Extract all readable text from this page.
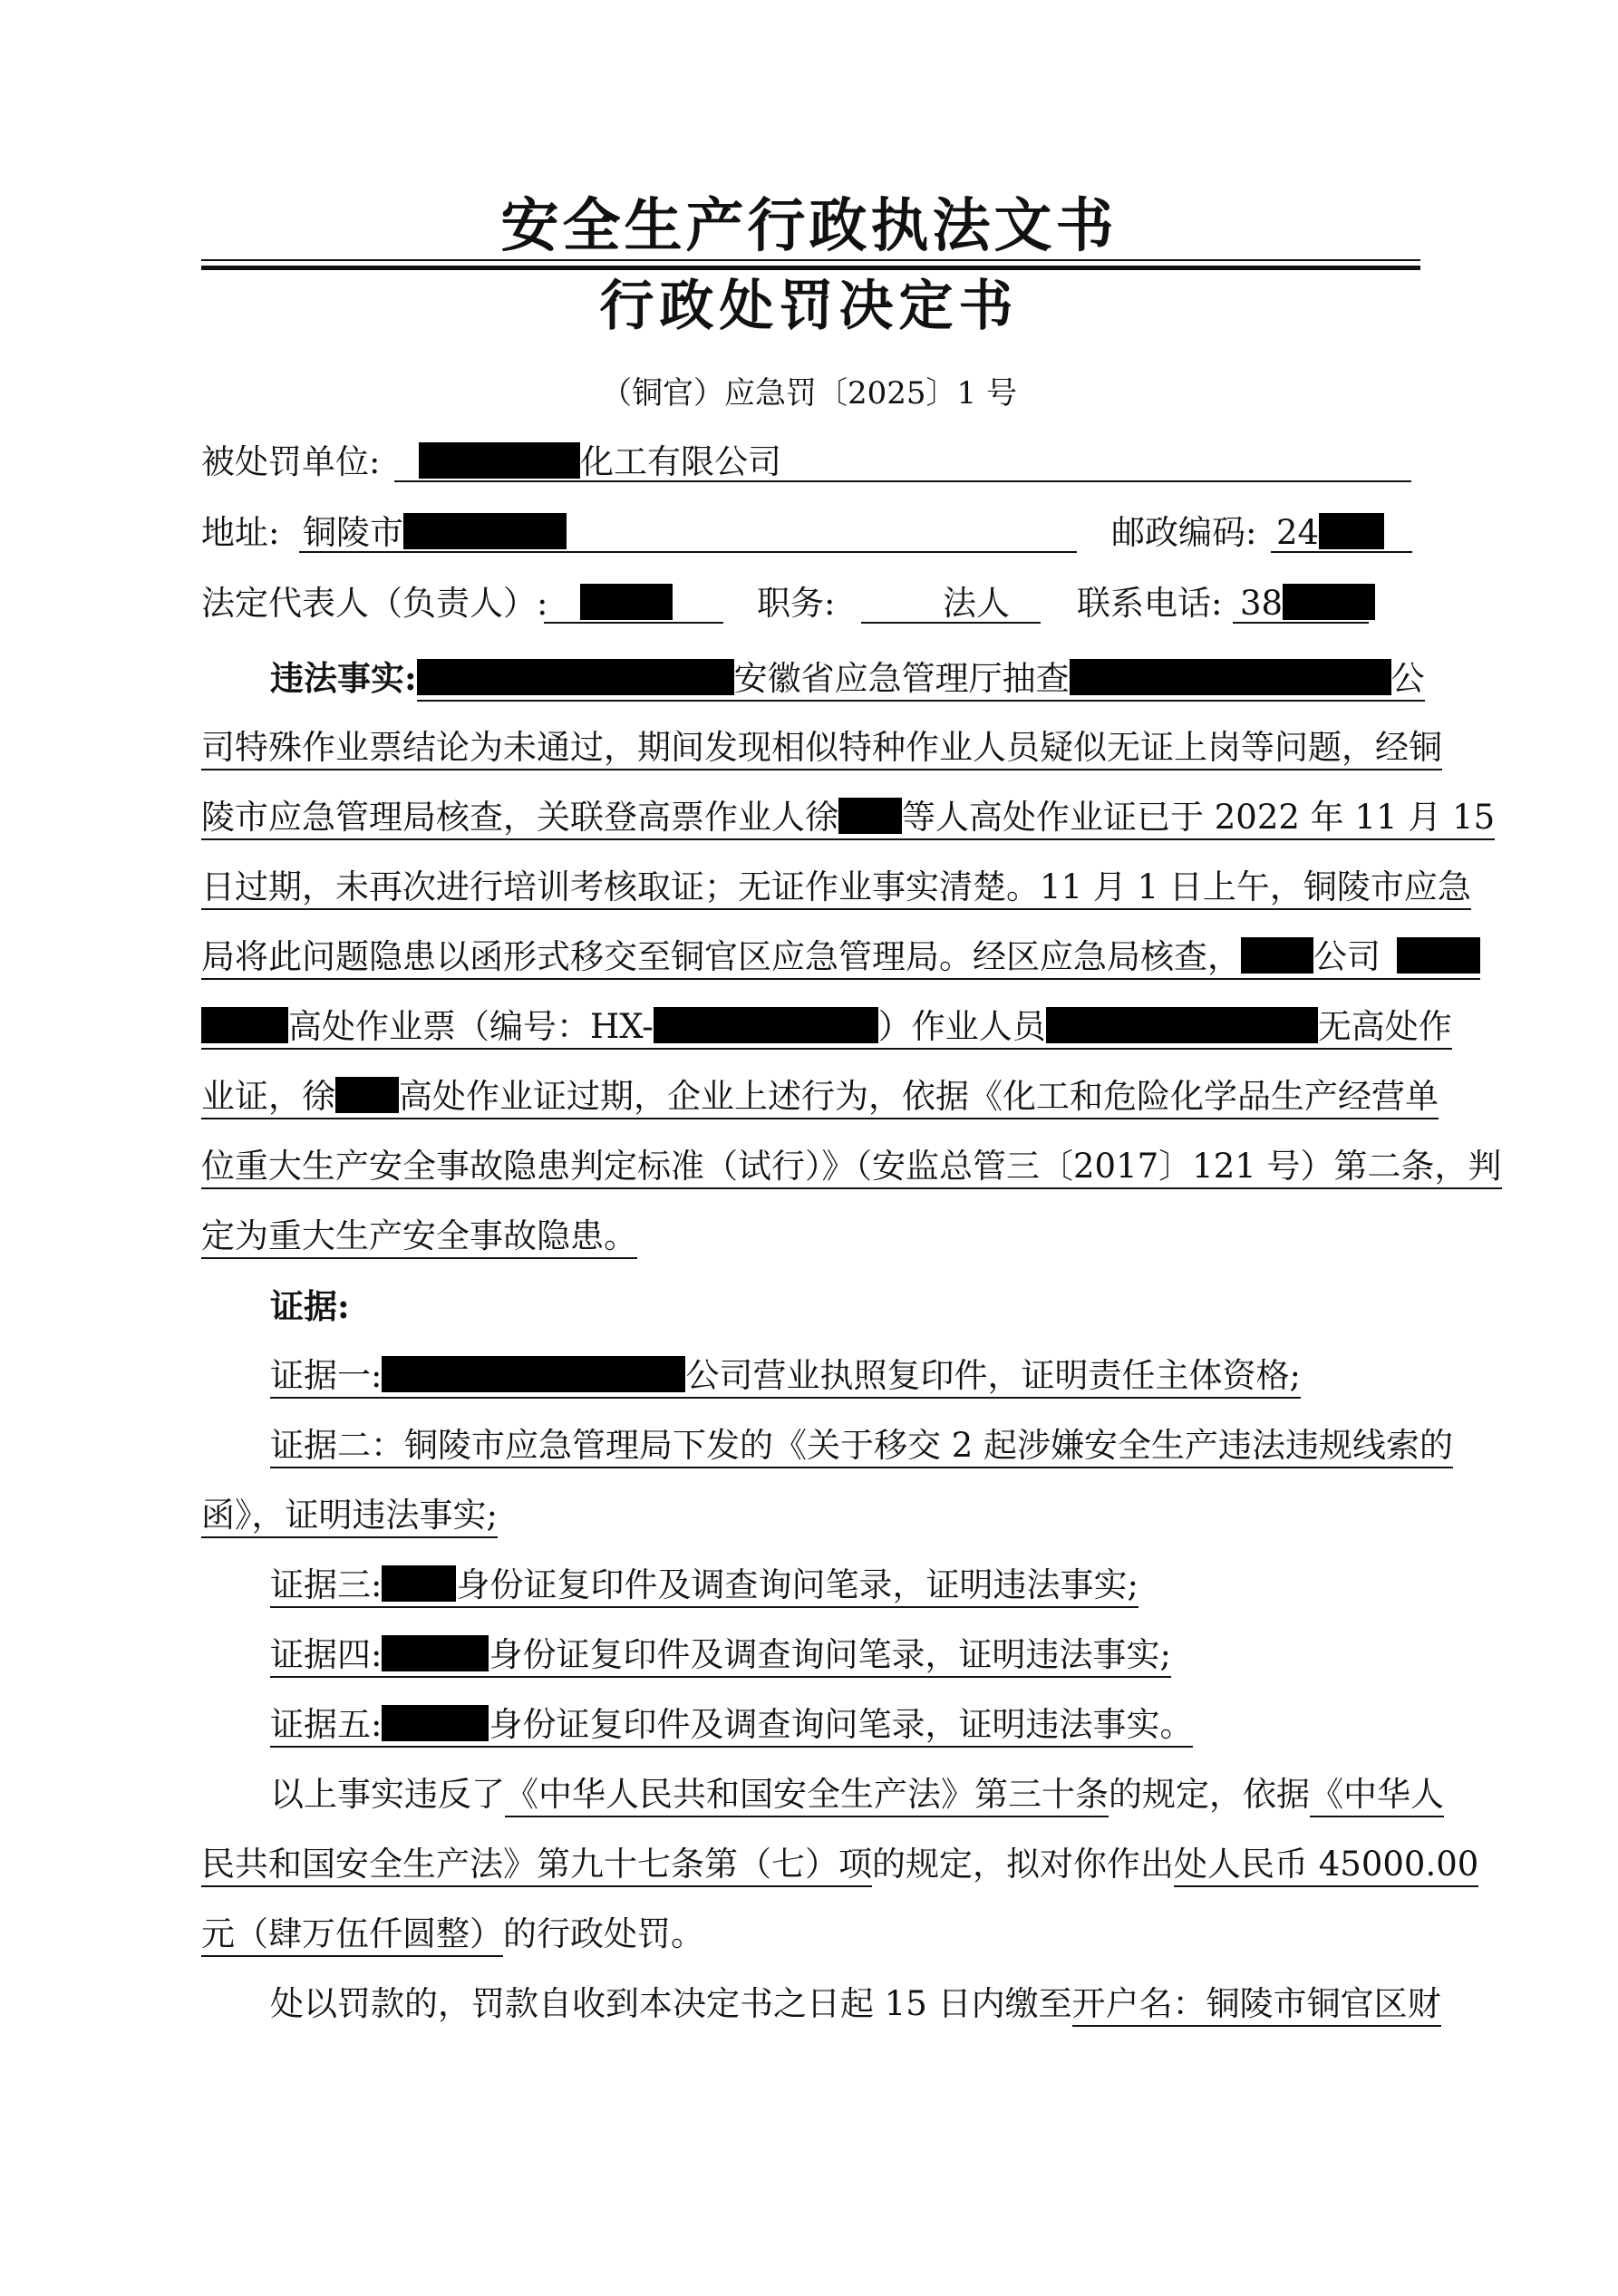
安全生产行政执法文书
行政处罚决定书
（铜官）应急罚〔2025〕1 号
被处罚单位:	化工有限公司
地址: 铜陵市	邮政编码: 24
法定代表人（负责人）:	职务:	法人 联系电话: 38
违法事实:	安徽省应急管理厅抽查	公
司特殊作业票结论为未通过，期间发现相似特种作业人员疑似无证上岗等问题，经铜
陵市应急管理局核查，关联登高票作业人徐 等人高处作业证已于 2022 年 11 月 15
日过期，未再次进行培训考核取证；无证作业事实清楚。11 月 1 日上午，铜陵市应急
局将此问题隐患以函形式移交至铜官区应急管理局。经区应急局核查， 公司
高处作业票（编号：HX-	）作业人员	无高处作
业证，徐 高处作业证过期，企业上述行为，依据《化工和危险化学品生产经营单
位重大生产安全事故隐患判定标准（试行）》（安监总管三〔2017〕121 号）第二条，判
定为重大生产安全事故隐患。
证据:
证据一:	公司营业执照复印件，证明责任主体资格;
证据二：铜陵市应急管理局下发的《关于移交 2 起涉嫌安全生产违法违规线索的
函》，证明违法事实;
证据三: 身份证复印件及调查询问笔录，证明违法事实;
证据四:	身份证复印件及调查询问笔录，证明违法事实;
证据五:	身份证复印件及调查询问笔录，证明违法事实。
以上事实违反了《中华人民共和国安全生产法》第三十条的规定，依据《中华人
民共和国安全生产法》第九十七条第（七）项的规定，拟对你作出处人民币 45000.00
元（肆万伍仟圆整）的行政处罚。
处以罚款的，罚款自收到本决定书之日起 15 日内缴至开户名：铜陵市铜官区财
